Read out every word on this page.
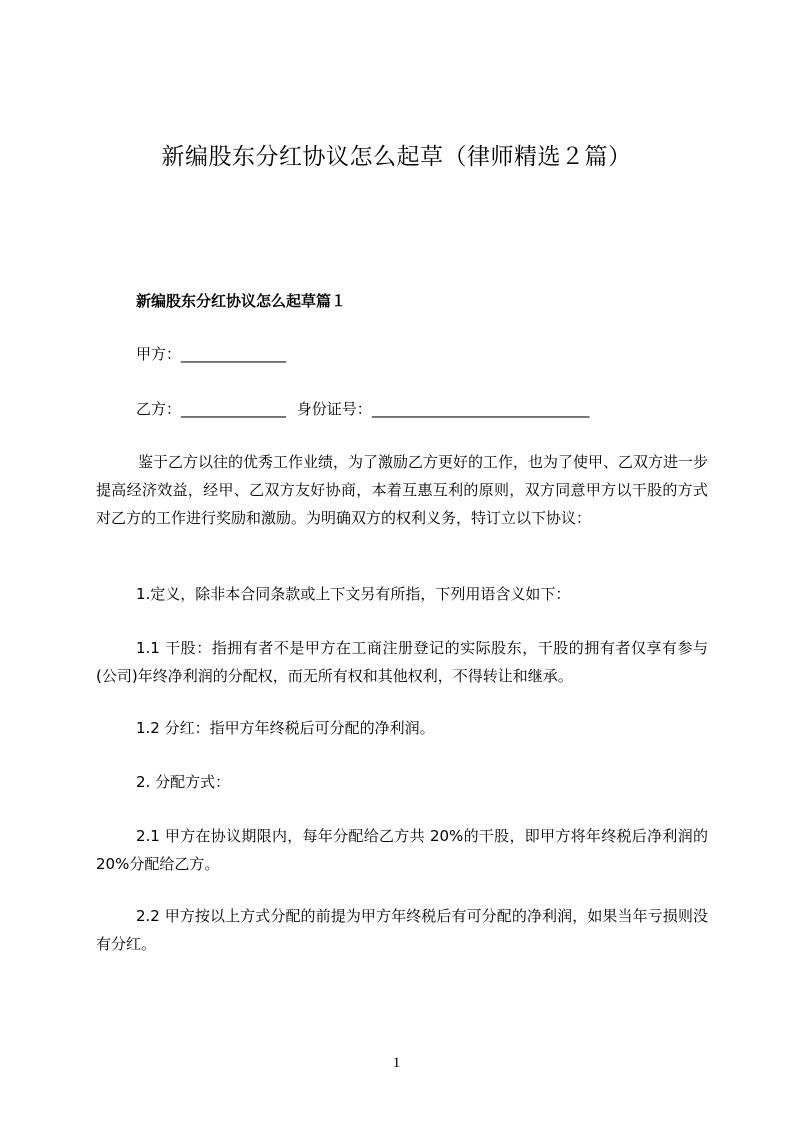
新编股东分红协议怎么起草（律师精选２篇）
新编股东分红协议怎么起草篇１
甲方：______________
乙方：______________ 身份证号：_____________________________
鉴于乙方以往的优秀工作业绩，为了激励乙方更好的工作，也为了使甲、乙双方进一步提高经济效益，经甲、乙双方友好协商，本着互惠互利的原则，双方同意甲方以干股的方式对乙方的工作进行奖励和激励。为明确双方的权利义务，特订立以下协议：
1.定义，除非本合同条款或上下文另有所指，下列用语含义如下：
1.1 干股：指拥有者不是甲方在工商注册登记的实际股东，干股的拥有者仅享有参与(公司)年终净利润的分配权，而无所有权和其他权利，不得转让和继承。
1.2 分红：指甲方年终税后可分配的净利润。
2. 分配方式：
2.1 甲方在协议期限内，每年分配给乙方共 20%的干股，即甲方将年终税后净利润的 20%分配给乙方。
2.2 甲方按以上方式分配的前提为甲方年终税后有可分配的净利润，如果当年亏损则没有分红。
1
